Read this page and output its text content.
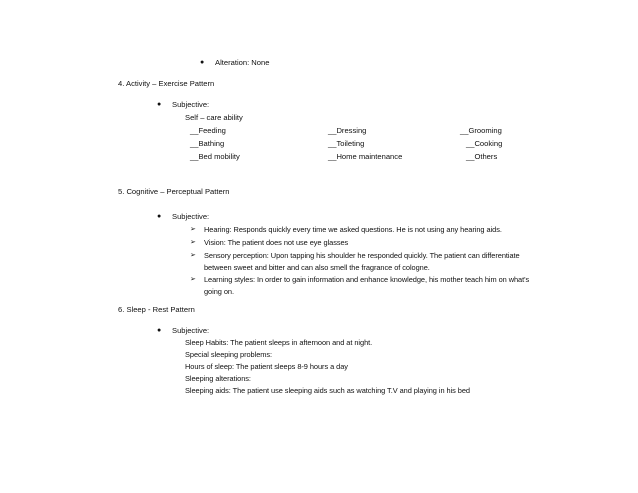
● Alteration: None
4. Activity – Exercise Pattern
● Subjective:
Self – care ability
__Feeding	__Dressing	__Grooming
__Bathing	__Toileting	__Cooking
__Bed mobility	__Home maintenance	__Others
5. Cognitive – Perceptual Pattern
● Subjective:
➢ Hearing: Responds quickly every time we asked questions. He is not using any hearing aids.
➢ Vision: The patient does not use eye glasses
➢ Sensory perception: Upon tapping his shoulder he responded quickly. The patient can differentiate
between sweet and bitter and can also smell the fragrance of cologne.
➢ Learning styles: In order to gain information and enhance knowledge, his mother teach him on what's
going on.
6. Sleep - Rest Pattern
● Subjective:
Sleep Habits: The patient sleeps in afternoon and at night.
Special sleeping problems:
Hours of sleep: The patient sleeps 8-9 hours a day
Sleeping alterations:
Sleeping aids: The patient use sleeping aids such as watching T.V and playing in his bed
